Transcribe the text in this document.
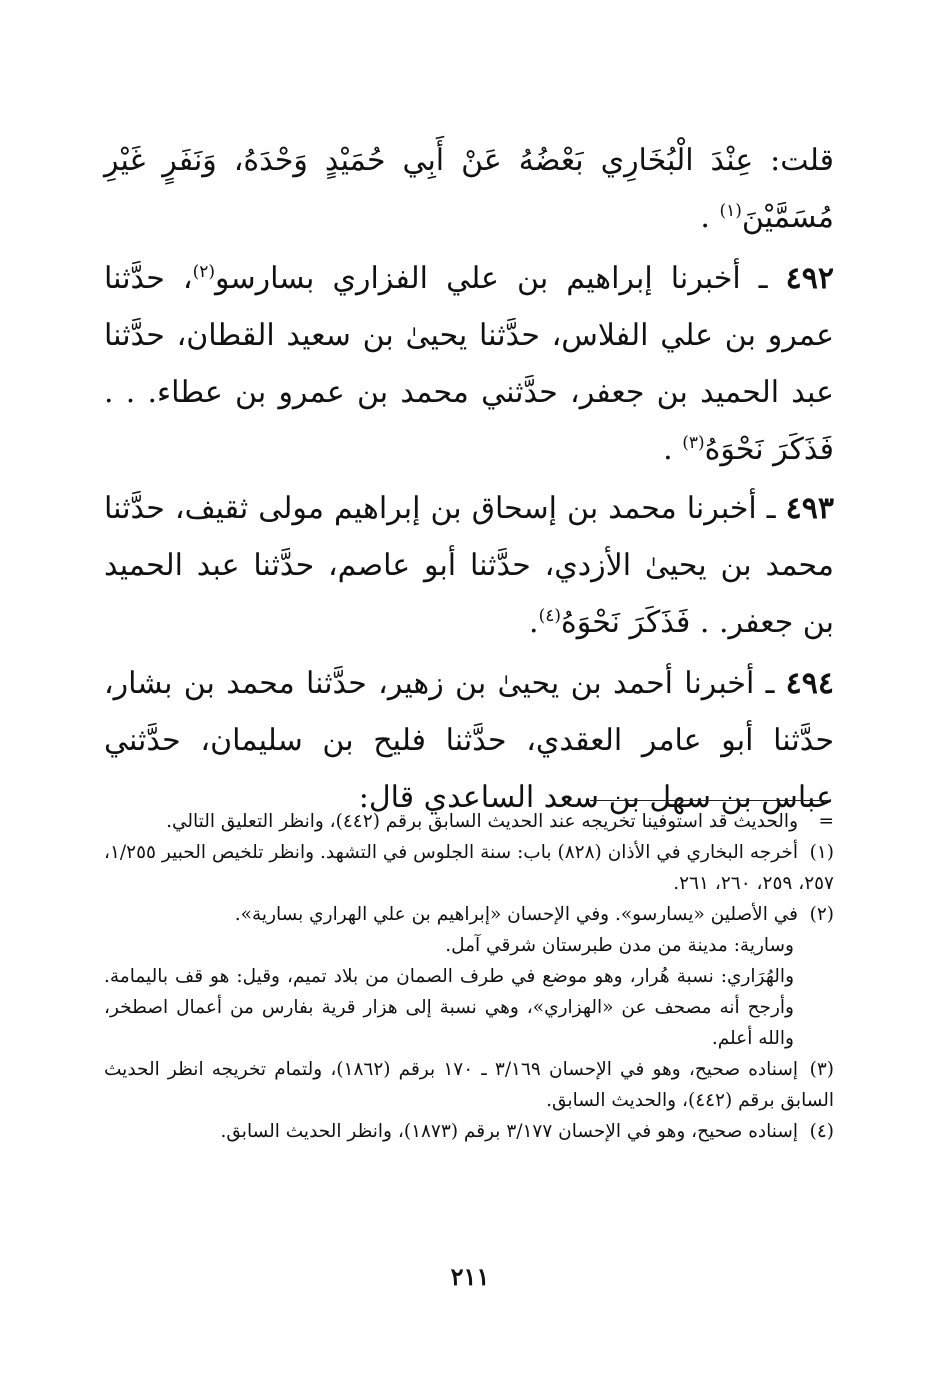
قلت: عِنْدَ الْبُخَارِي بَعْضُهُ عَنْ أَبِي حُمَيْدٍ وَحْدَهُ، وَنَفَرٍ غَيْرِ مُسَمَّيْنَ$^{(١)}$ .

٤٩٢ ـ أخبرنا إبراهيم بن علي الفزاري بسارسو$^{(٢)}$، حدَّثنا عمرو بن علي الفلاس، حدَّثنا يحيىٰ بن سعيد القطان، حدَّثنا عبد الحميد بن جعفر، حدَّثني محمد بن عمرو بن عطاء. . . فَذَكَرَ نَحْوَهُ$^{(٣)}$ .

٤٩٣ ـ أخبرنا محمد بن إسحاق بن إبراهيم مولى ثقيف، حدَّثنا محمد بن يحيىٰ الأزدي، حدَّثنا أبو عاصم، حدَّثنا عبد الحميد بن جعفر. . فَذَكَرَ نَحْوَهُ$^{(٤)}$.

٤٩٤ ـ أخبرنا أحمد بن يحيىٰ بن زهير، حدَّثنا محمد بن بشار، حدَّثنا أبو عامر العقدي، حدَّثنا فليح بن سليمان، حدَّثني عباس بن سهل بن سعد الساعدي قال:

=والحديث قد استوفينا تخريجه عند الحديث السابق برقم (٤٤٢)، وانظر التعليق التالي.

(١)أخرجه البخاري في الأذان (٨٢٨) باب: سنة الجلوس في التشهد. وانظر تلخيص الحبير ١/٢٥٥، ٢٥٧، ٢٥٩، ٢٦٠، ٢٦١.

(٢)في الأصلين «يسارسو». وفي الإحسان «إبراهيم بن علي الهراري بسارية».

وسارية: مدينة من مدن طبرستان شرقي آمل.

والهُرَاري: نسبة هُرار، وهو موضع في طرف الصمان من بلاد تميم، وقيل: هو قف باليمامة. وأرجح أنه مصحف عن «الهزاري»، وهي نسبة إلى هزار قرية بفارس من أعمال اصطخر، والله أعلم.

(٣)إسناده صحيح، وهو في الإحسان ٣/١٦٩ ـ ١٧٠ برقم (١٨٦٢)، ولتمام تخريجه انظر الحديث السابق برقم (٤٤٢)، والحديث السابق.

(٤)إسناده صحيح، وهو في الإحسان ٣/١٧٧ برقم (١٨٧٣)، وانظر الحديث السابق.

٢١١
